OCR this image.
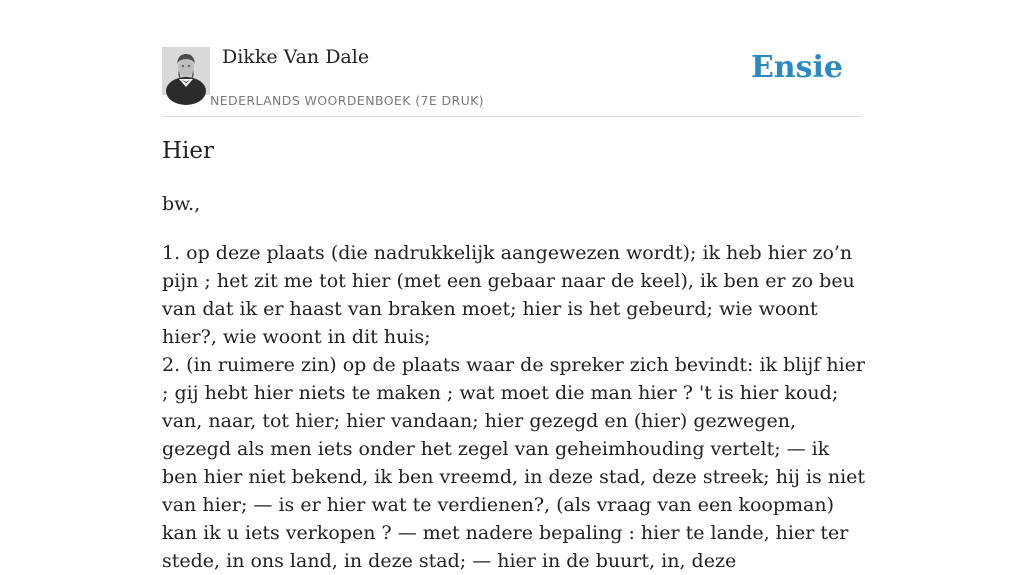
Dikke Van Dale
NEDERLANDS WOORDENBOEK (7E DRUK)
Ensie
Hier
bw.,
1. op deze plaats (die nadrukkelijk aangewezen wordt); ik heb hier zo’n pijn ; het zit me tot hier (met een gebaar naar de keel), ik ben er zo beu van dat ik er haast van braken moet; hier is het gebeurd; wie woont hier?, wie woont in dit huis;
2. (in ruimere zin) op de plaats waar de spreker zich bevindt: ik blijf hier ; gij hebt hier niets te maken ; wat moet die man hier ? 't is hier koud; van, naar, tot hier; hier vandaan; hier gezegd en (hier) gezwegen, gezegd als men iets onder het zegel van geheimhouding vertelt; — ik ben hier niet bekend, ik ben vreemd, in deze stad, deze streek; hij is niet van hier; — is er hier wat te verdienen?, (als vraag van een koopman) kan ik u iets verkopen ? — met nadere bepaling : hier te lande, hier ter stede, in ons land, in deze stad; — hier in de buurt, in, deze
